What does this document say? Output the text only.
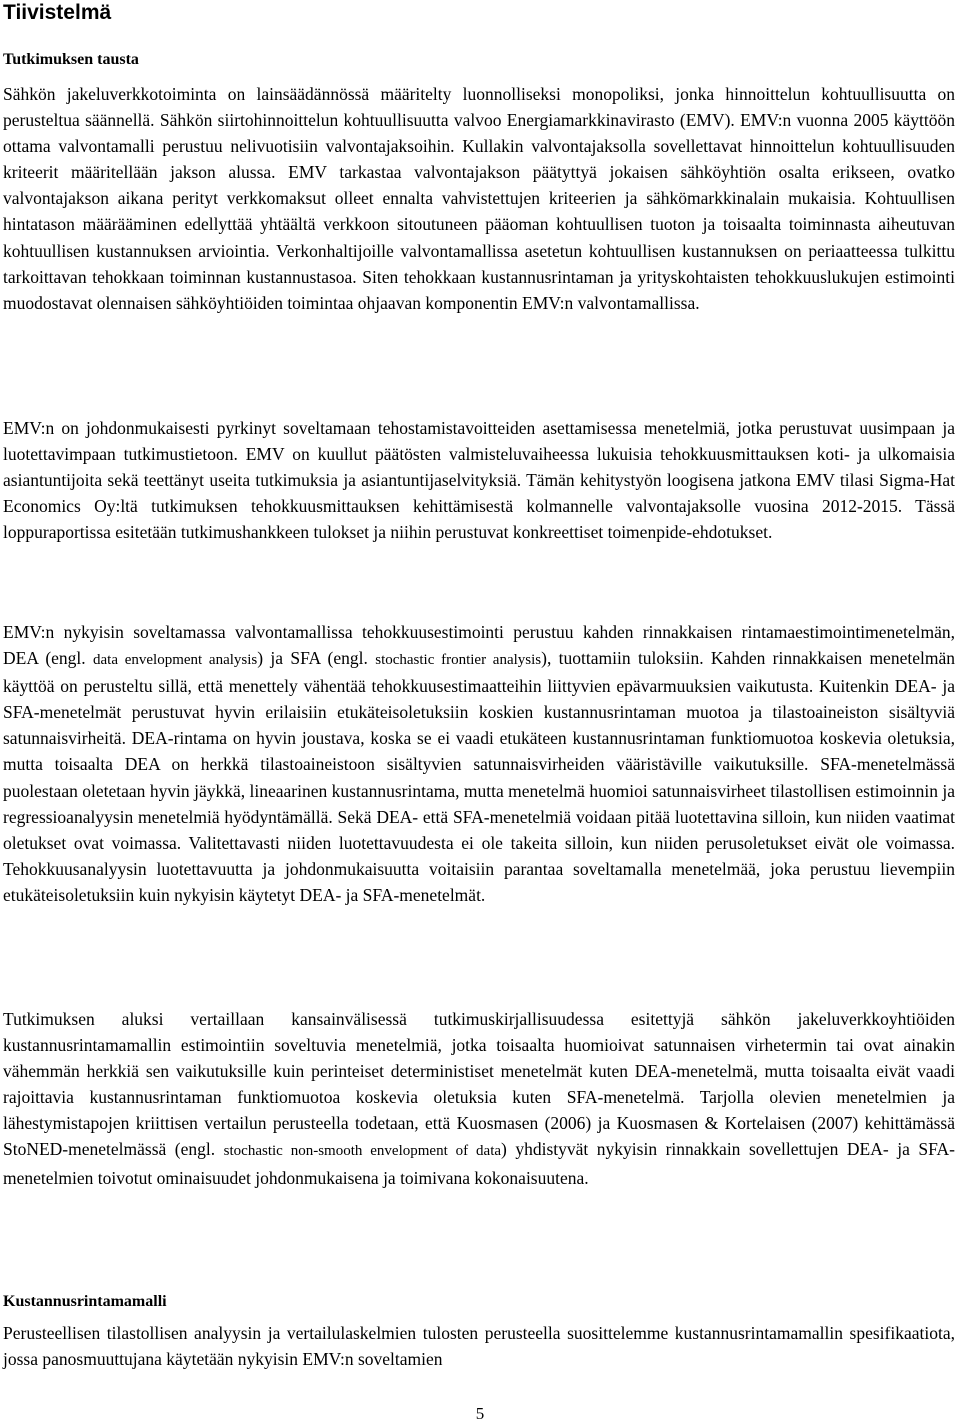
Tiivistelmä
Tutkimuksen tausta

Sähkön jakeluverkkotoiminta on lainsäädännössä määritelty luonnolliseksi monopoliksi, jonka hinnoittelun kohtuullisuutta on perusteltua säännellä. Sähkön siirtohinnoittelun kohtuullisuutta valvoo Energiamarkkinavirasto (EMV). EMV:n vuonna 2005 käyttöön ottama valvontamalli perustuu nelivuotisiin valvontajaksoihin. Kullakin valvontajaksolla sovellettavat hinnoittelun kohtuullisuuden kriteerit määritellään jakson alussa. EMV tarkastaa valvontajakson päätyttyä jokaisen sähköyhtiön osalta erikseen, ovatko valvontajakson aikana perityt verkkomaksut olleet ennalta vahvistettujen kriteerien ja sähkömarkkinalain mukaisia. Kohtuullisen hintatason määrääminen edellyttää yhtäältä verkkoon sitoutuneen pääoman kohtuullisen tuoton ja toisaalta toiminnasta aiheutuvan kohtuullisen kustannuksen arviointia. Verkonhaltijoille valvontamallissa asetetun kohtuullisen kustannuksen on periaatteessa tulkittu tarkoittavan tehokkaan toiminnan kustannustasoa. Siten tehokkaan kustannusrintaman ja yrityskohtaisten tehokkuuslukujen estimointi muodostavat olennaisen sähköyhtiöiden toimintaa ohjaavan komponentin EMV:n valvontamallissa.

EMV:n on johdonmukaisesti pyrkinyt soveltamaan tehostamistavoitteiden asettamisessa menetelmiä, jotka perustuvat uusimpaan ja luotettavimpaan tutkimustietoon. EMV on kuullut päätösten valmisteluvaiheessa lukuisia tehokkuusmittauksen koti- ja ulkomaisia asiantuntijoita sekä teettänyt useita tutkimuksia ja asiantuntijaselvityksiä. Tämän kehitystyön loogisena jatkona EMV tilasi Sigma-Hat Economics Oy:ltä tutkimuksen tehokkuusmittauksen kehittämisestä kolmannelle valvontajaksolle vuosina 2012-2015. Tässä loppuraportissa esitetään tutkimushankkeen tulokset ja niihin perustuvat konkreettiset toimenpide-ehdotukset.

EMV:n nykyisin soveltamassa valvontamallissa tehokkuusestimointi perustuu kahden rinnakkaisen rintamaestimointimenetelmän, DEA (engl. data envelopment analysis) ja SFA (engl. stochastic frontier analysis), tuottamiin tuloksiin. Kahden rinnakkaisen menetelmän käyttöä on perusteltu sillä, että menettely vähentää tehokkuusestimaatteihin liittyvien epävarmuuksien vaikutusta. Kuitenkin DEA- ja SFA-menetelmät perustuvat hyvin erilaisiin etukäteisoletuksiin koskien kustannusrintaman muotoa ja tilastoaineiston sisältyviä satunnaisvirheitä. DEA-rintama on hyvin joustava, koska se ei vaadi etukäteen kustannusrintaman funktiomuotoa koskevia oletuksia, mutta toisaalta DEA on herkkä tilastoaineistoon sisältyvien satunnaisvirheiden vääristäville vaikutuksille. SFA-menetelmässä puolestaan oletetaan hyvin jäykkä, lineaarinen kustannusrintama, mutta menetelmä huomioi satunnaisvirheet tilastollisen estimoinnin ja regressioanalyysin menetelmiä hyödyntämällä. Sekä DEA- että SFA-menetelmiä voidaan pitää luotettavina silloin, kun niiden vaatimat oletukset ovat voimassa. Valitettavasti niiden luotettavuudesta ei ole takeita silloin, kun niiden perusoletukset eivät ole voimassa. Tehokkuusanalyysin luotettavuutta ja johdonmukaisuutta voitaisiin parantaa soveltamalla menetelmää, joka perustuu lievempiin etukäteisoletuksiin kuin nykyisin käytetyt DEA- ja SFA-menetelmät.

Tutkimuksen aluksi vertaillaan kansainvälisessä tutkimuskirjallisuudessa esitettyjä sähkön jakeluverkkoyhtiöiden kustannusrintamamallin estimointiin soveltuvia menetelmiä, jotka toisaalta huomioivat satunnaisen virhetermin tai ovat ainakin vähemmän herkkiä sen vaikutuksille kuin perinteiset deterministiset menetelmät kuten DEA-menetelmä, mutta toisaalta eivät vaadi rajoittavia kustannusrintaman funktiomuotoa koskevia oletuksia kuten SFA-menetelmä. Tarjolla olevien menetelmien ja lähestymistapojen kriittisen vertailun perusteella todetaan, että Kuosmasen (2006) ja Kuosmasen & Kortelaisen (2007) kehittämässä StoNED-menetelmässä (engl. stochastic non-smooth envelopment of data) yhdistyvät nykyisin rinnakkain sovellettujen DEA- ja SFA-menetelmien toivotut ominaisuudet johdonmukaisena ja toimivana kokonaisuutena.

Kustannusrintamamalli

Perusteellisen tilastollisen analyysin ja vertailulaskelmien tulosten perusteella suosittelemme kustannusrintamamallin spesifikaatiota, jossa panosmuuttujana käytetään nykyisin EMV:n soveltamien

5
